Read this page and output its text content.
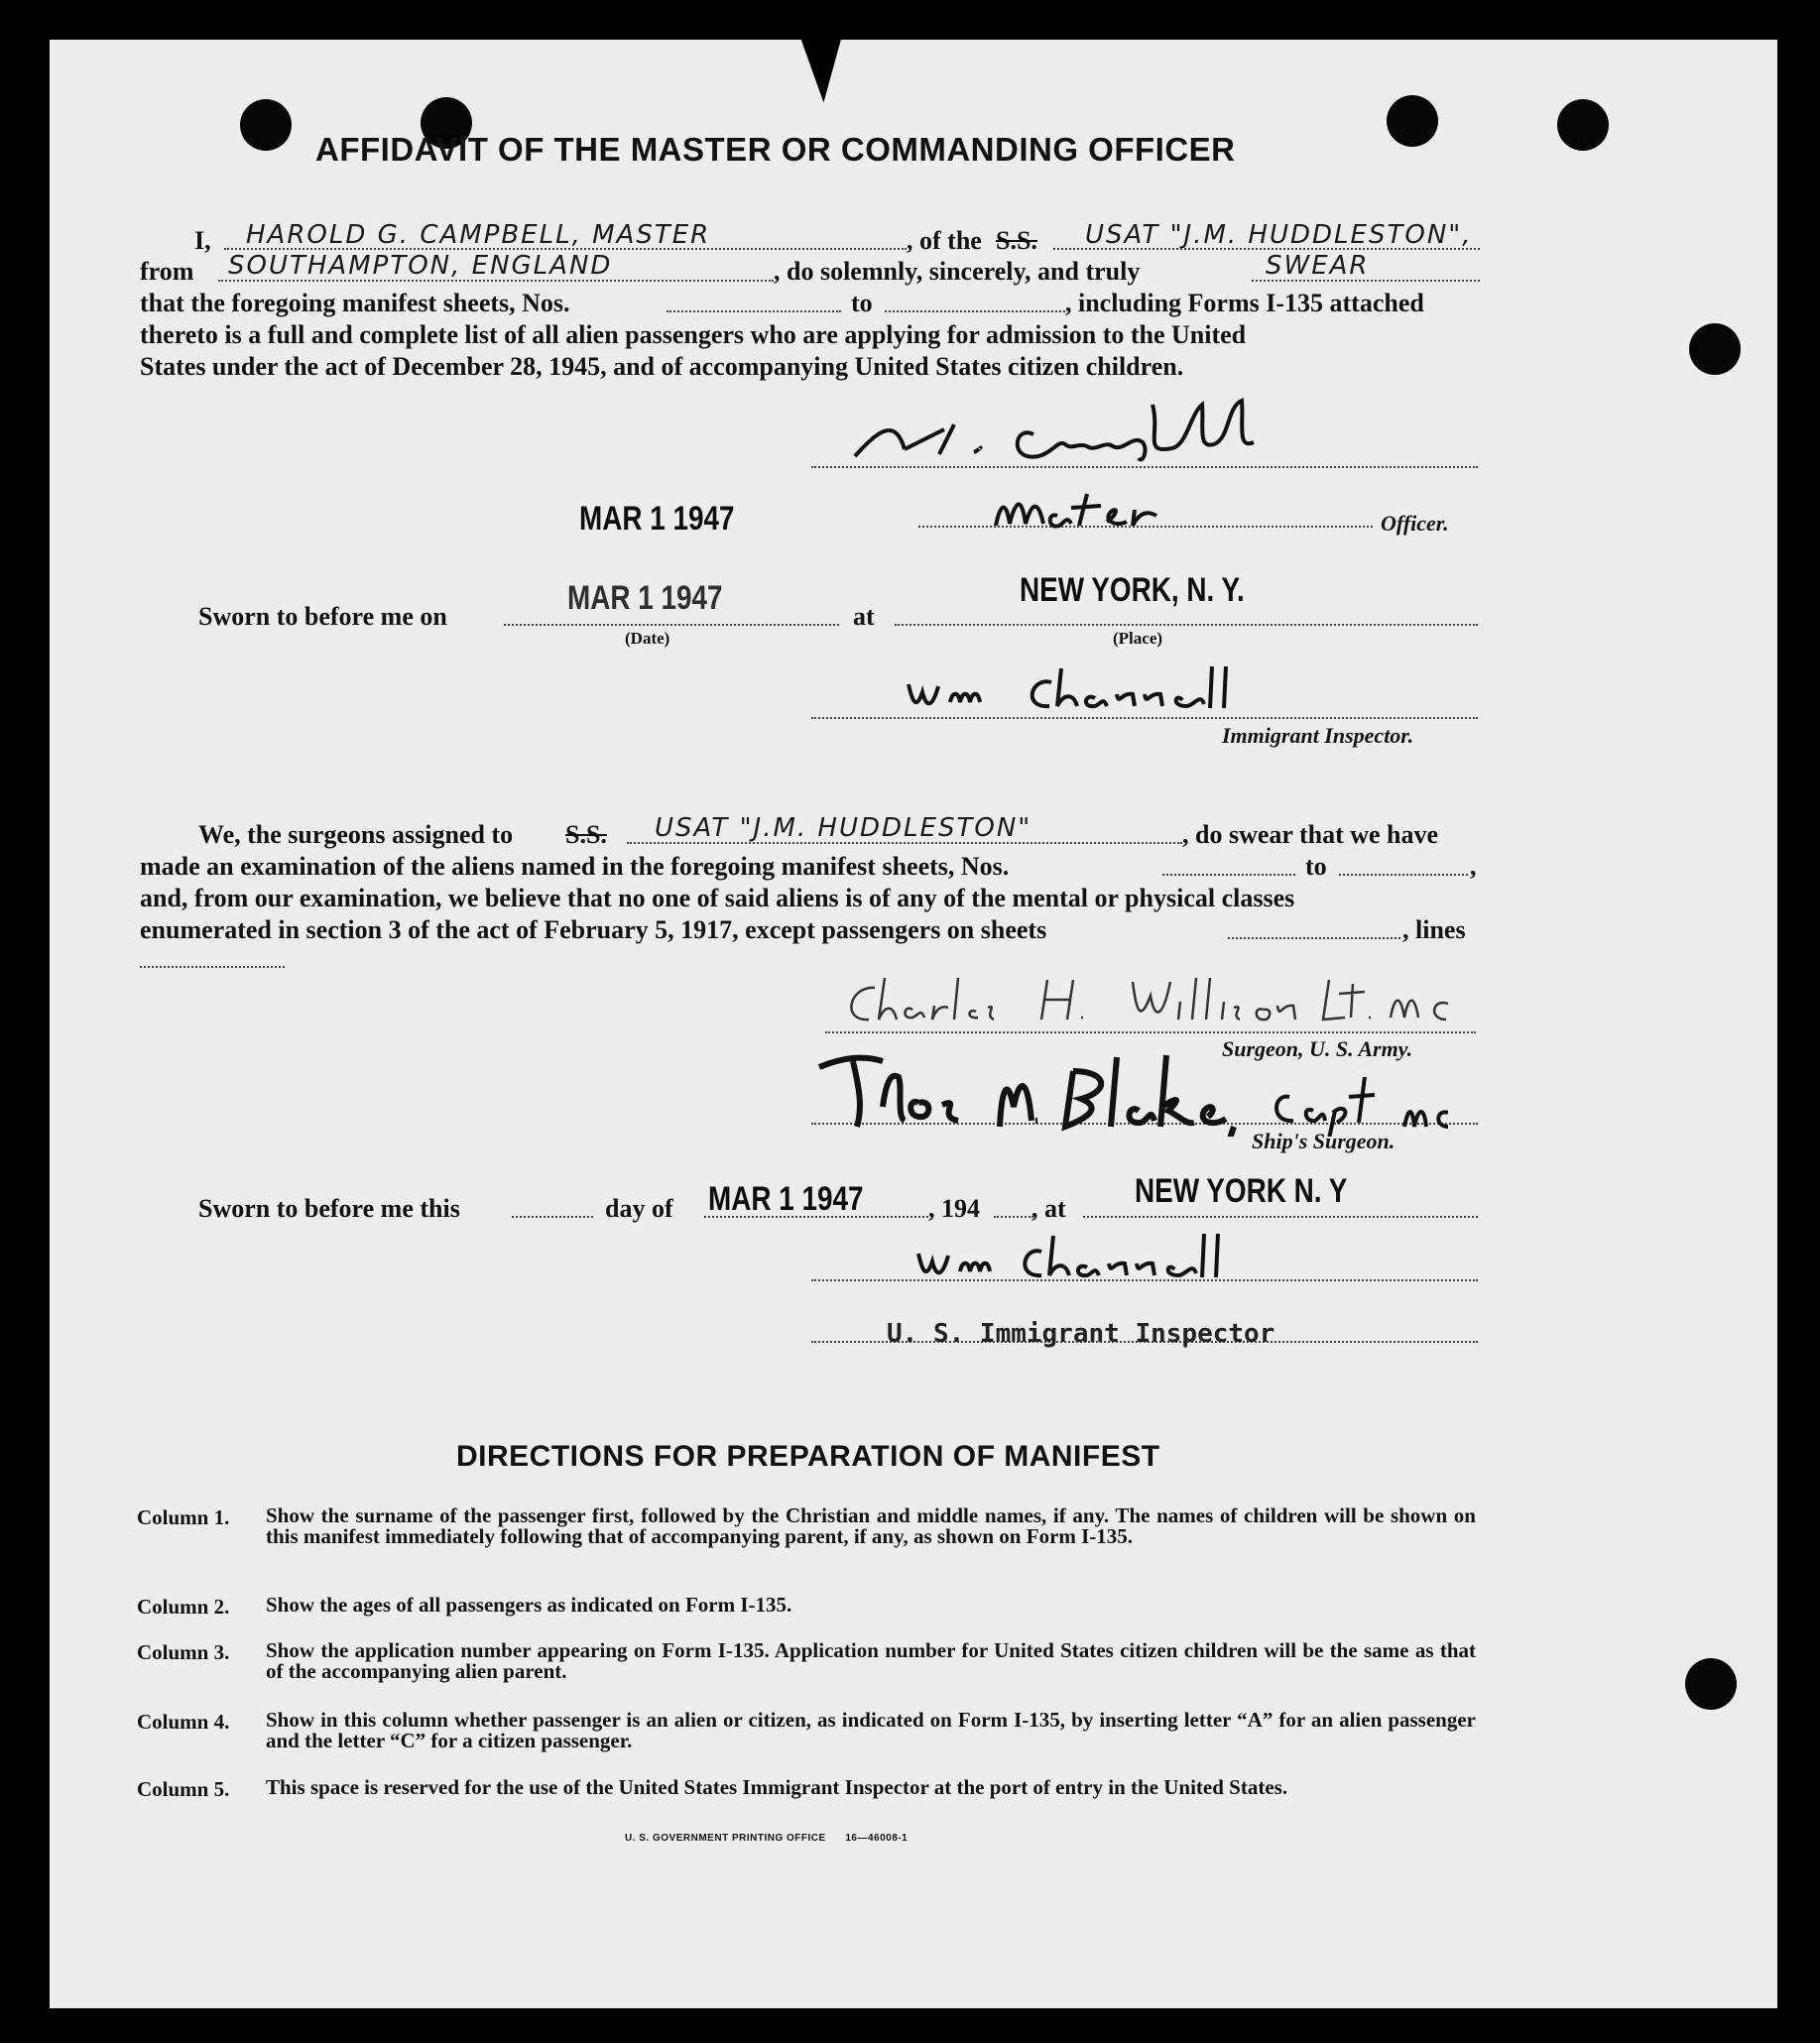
AFFIDAVIT OF THE MASTER OR COMMANDING OFFICER
I, HAROLD G. CAMPBELL, MASTER	, of the S.S. USAT "J.M. HUDDLESTON",
from SOUTHAMPTON, ENGLAND	, do solemnly, sincerely, and truly	SWEAR
that the foregoing manifest sheets, Nos.	to	, including Forms I-135 attached
thereto is a full and complete list of all alien passengers who are applying for admission to the United
States under the act of December 28, 1945, and of accompanying United States citizen children.
MAR 1 1947	Officer.
Sworn to before me on	MAR 1 1947
(Date)
at
NEW YORK, N. Y.
(Place)
Immigrant Inspector.
We, the surgeons assigned to S.S. USAT "J.M. HUDDLESTON"	, do swear that we have
made an examination of the aliens named in the foregoing manifest sheets, Nos.	to	,
and, from our examination, we believe that no one of said aliens is of any of the mental or physical classes
enumerated in section 3 of the act of February 5, 1917, except passengers on sheets	, lines
Surgeon, U. S. Army.
Ship's Surgeon.
Sworn to before me this	day of MAR 1 1947	, 194 , at NEW YORK N. Y
U. S. Immigrant Inspector
DIRECTIONS FOR PREPARATION OF MANIFEST
Column 1. Show the surname of the passenger first, followed by the Christian and middle names, if any. The names of children will be shown on this manifest immediately following that of accompanying parent, if any, as shown on Form I-135.
Column 2. Show the ages of all passengers as indicated on Form I-135.
Column 3. Show the application number appearing on Form I-135. Application number for United States citizen children will be the same as that of the accompanying alien parent.
Column 4. Show in this column whether passenger is an alien or citizen, as indicated on Form I-135, by inserting letter “A” for an alien passenger and the letter “C” for a citizen passenger.
Column 5. This space is reserved for the use of the United States Immigrant Inspector at the port of entry in the United States.
U. S. GOVERNMENT PRINTING OFFICE      16—46008-1
